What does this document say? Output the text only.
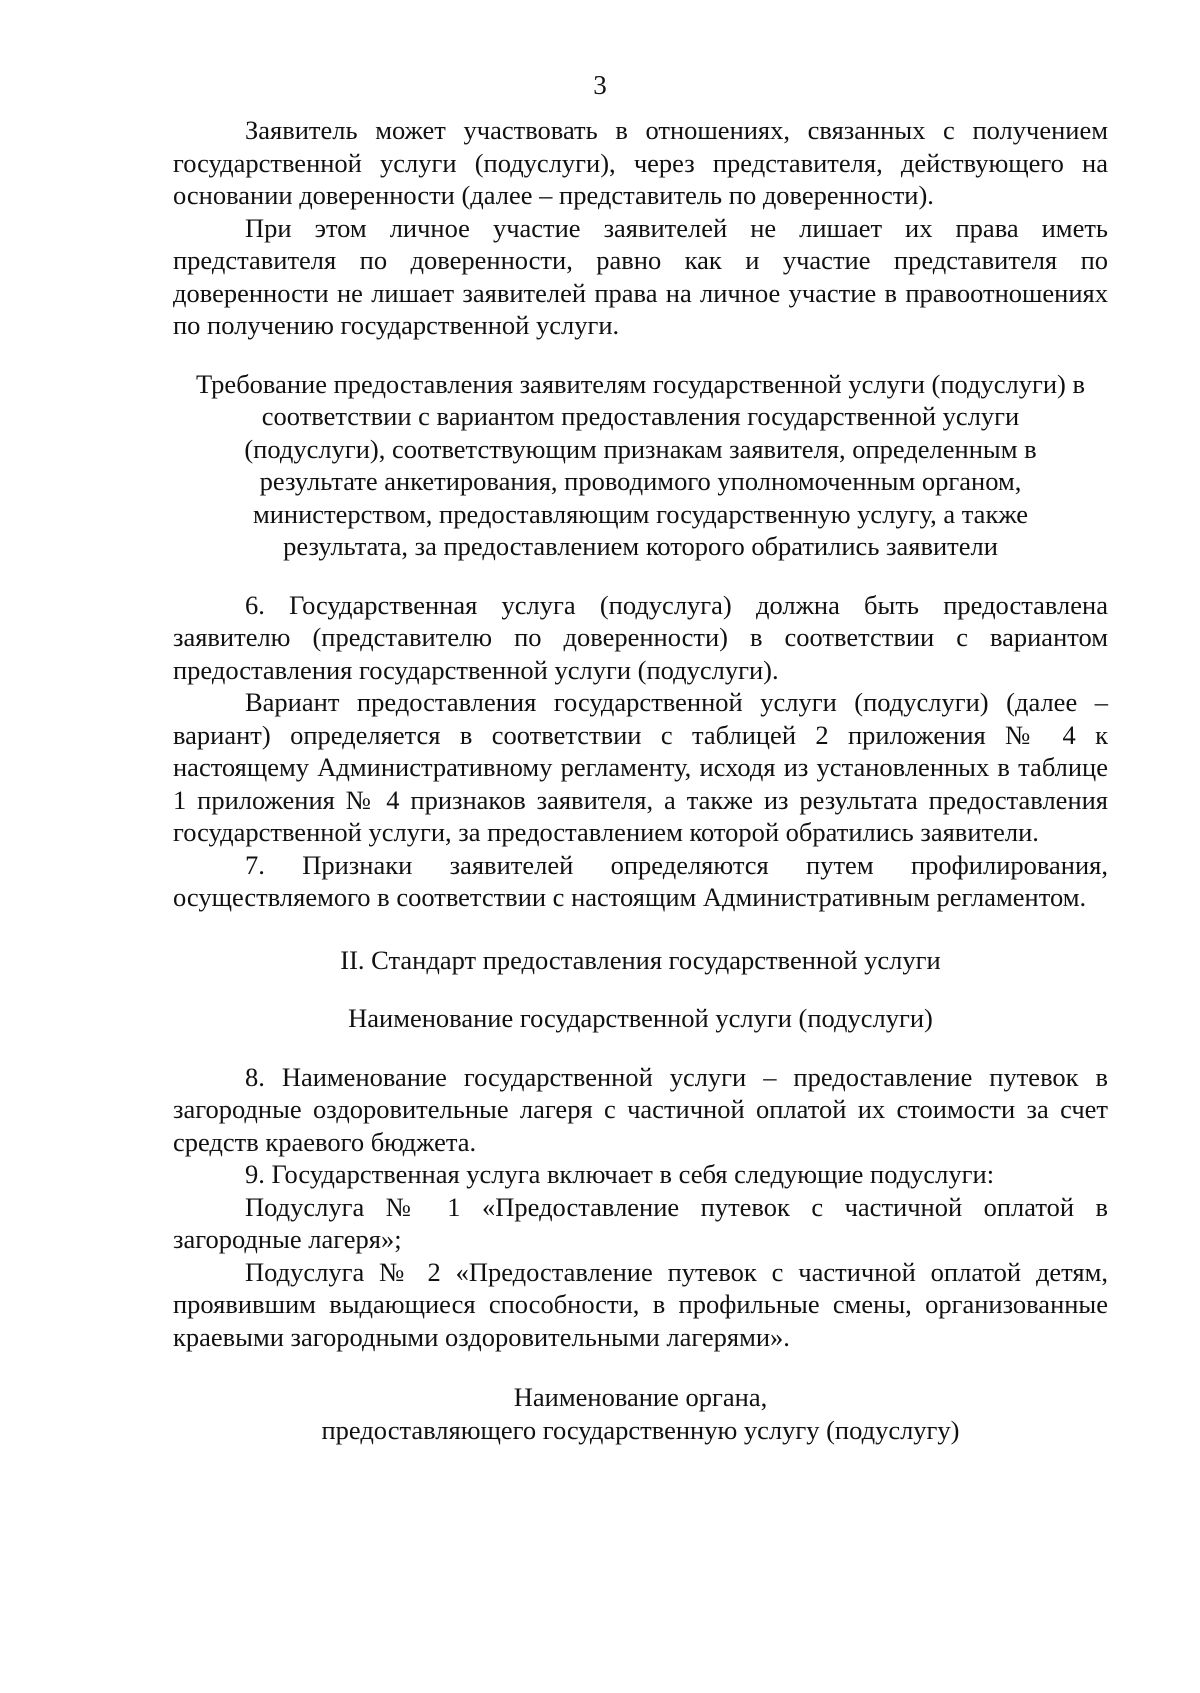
3

Заявитель может участвовать в отношениях, связанных с получением государственной услуги (подуслуги), через представителя, действующего на основании доверенности (далее – представитель по доверенности).

При этом личное участие заявителей не лишает их права иметь представителя по доверенности, равно как и участие представителя по доверенности не лишает заявителей права на личное участие в правоотношениях по получению государственной услуги.

Требование предоставления заявителям государственной услуги (подуслуги) в соответствии с вариантом предоставления государственной услуги (подуслуги), соответствующим признакам заявителя, определенным в результате анкетирования, проводимого уполномоченным органом, министерством, предоставляющим государственную услугу, а также результата, за предоставлением которого обратились заявители

6. Государственная услуга (подуслуга) должна быть предоставлена заявителю (представителю по доверенности) в соответствии с вариантом предоставления государственной услуги (подуслуги).

Вариант предоставления государственной услуги (подуслуги) (далее – вариант) определяется в соответствии с таблицей 2 приложения № 4 к настоящему Административному регламенту, исходя из установленных в таблице 1 приложения № 4 признаков заявителя, а также из результата предоставления государственной услуги, за предоставлением которой обратились заявители.

7. Признаки заявителей определяются путем профилирования, осуществляемого в соответствии с настоящим Административным регламентом.

II. Стандарт предоставления государственной услуги

Наименование государственной услуги (подуслуги)

8. Наименование государственной услуги – предоставление путевок в загородные оздоровительные лагеря с частичной оплатой их стоимости за счет средств краевого бюджета.

9. Государственная услуга включает в себя следующие подуслуги:

Подуслуга № 1 «Предоставление путевок с частичной оплатой в загородные лагеря»;

Подуслуга № 2 «Предоставление путевок с частичной оплатой детям, проявившим выдающиеся способности, в профильные смены, организованные краевыми загородными оздоровительными лагерями».

Наименование органа,

предоставляющего государственную услугу (подуслугу)
